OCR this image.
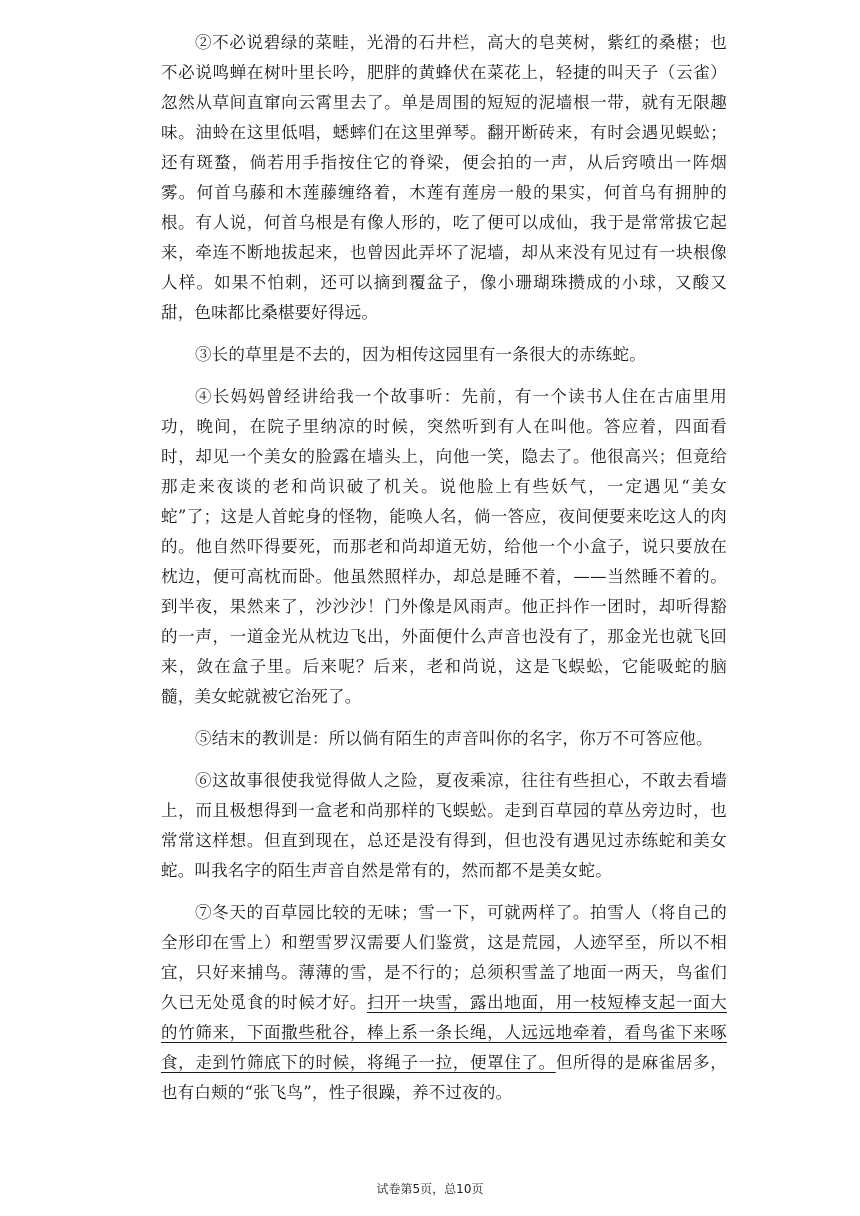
②不必说碧绿的菜畦，光滑的石井栏，高大的皂荚树，紫红的桑椹；也不必说鸣蝉在树叶里长吟，肥胖的黄蜂伏在菜花上，轻捷的叫天子（云雀）忽然从草间直窜向云霄里去了。单是周围的短短的泥墙根一带，就有无限趣味。油蛉在这里低唱，蟋蟀们在这里弹琴。翻开断砖来，有时会遇见蜈蚣；还有斑蝥，倘若用手指按住它的脊梁，便会拍的一声，从后窍喷出一阵烟雾。何首乌藤和木莲藤缠络着，木莲有莲房一般的果实，何首乌有拥肿的根。有人说，何首乌根是有像人形的，吃了便可以成仙，我于是常常拔它起来，牵连不断地拔起来，也曾因此弄坏了泥墙，却从来没有见过有一块根像人样。如果不怕刺，还可以摘到覆盆子，像小珊瑚珠攒成的小球，又酸又甜，色味都比桑椹要好得远。

③长的草里是不去的，因为相传这园里有一条很大的赤练蛇。

④长妈妈曾经讲给我一个故事听：先前，有一个读书人住在古庙里用功，晚间，在院子里纳凉的时候，突然听到有人在叫他。答应着，四面看时，却见一个美女的脸露在墙头上，向他一笑，隐去了。他很高兴；但竟给那走来夜谈的老和尚识破了机关。说他脸上有些妖气，一定遇见“美女蛇”了；这是人首蛇身的怪物，能唤人名，倘一答应，夜间便要来吃这人的肉的。他自然吓得要死，而那老和尚却道无妨，给他一个小盒子，说只要放在枕边，便可高枕而卧。他虽然照样办，却总是睡不着，——当然睡不着的。到半夜，果然来了，沙沙沙！门外像是风雨声。他正抖作一团时，却听得豁的一声，一道金光从枕边飞出，外面便什么声音也没有了，那金光也就飞回来，敛在盒子里。后来呢？后来，老和尚说，这是飞蜈蚣，它能吸蛇的脑髓，美女蛇就被它治死了。

⑤结末的教训是：所以倘有陌生的声音叫你的名字，你万不可答应他。

⑥这故事很使我觉得做人之险，夏夜乘凉，往往有些担心，不敢去看墙上，而且极想得到一盒老和尚那样的飞蜈蚣。走到百草园的草丛旁边时，也常常这样想。但直到现在，总还是没有得到，但也没有遇见过赤练蛇和美女蛇。叫我名字的陌生声音自然是常有的，然而都不是美女蛇。

⑦冬天的百草园比较的无味；雪一下，可就两样了。拍雪人（将自己的全形印在雪上）和塑雪罗汉需要人们鉴赏，这是荒园，人迹罕至，所以不相宜，只好来捕鸟。薄薄的雪，是不行的；总须积雪盖了地面一两天，鸟雀们久已无处觅食的时候才好。扫开一块雪，露出地面，用一枝短棒支起一面大的竹筛来，下面撒些秕谷，棒上系一条长绳，人远远地牵着，看鸟雀下来啄食，走到竹筛底下的时候，将绳子一拉，便罩住了。但所得的是麻雀居多，也有白颊的“张飞鸟”，性子很躁，养不过夜的。

试卷第5页，总10页
